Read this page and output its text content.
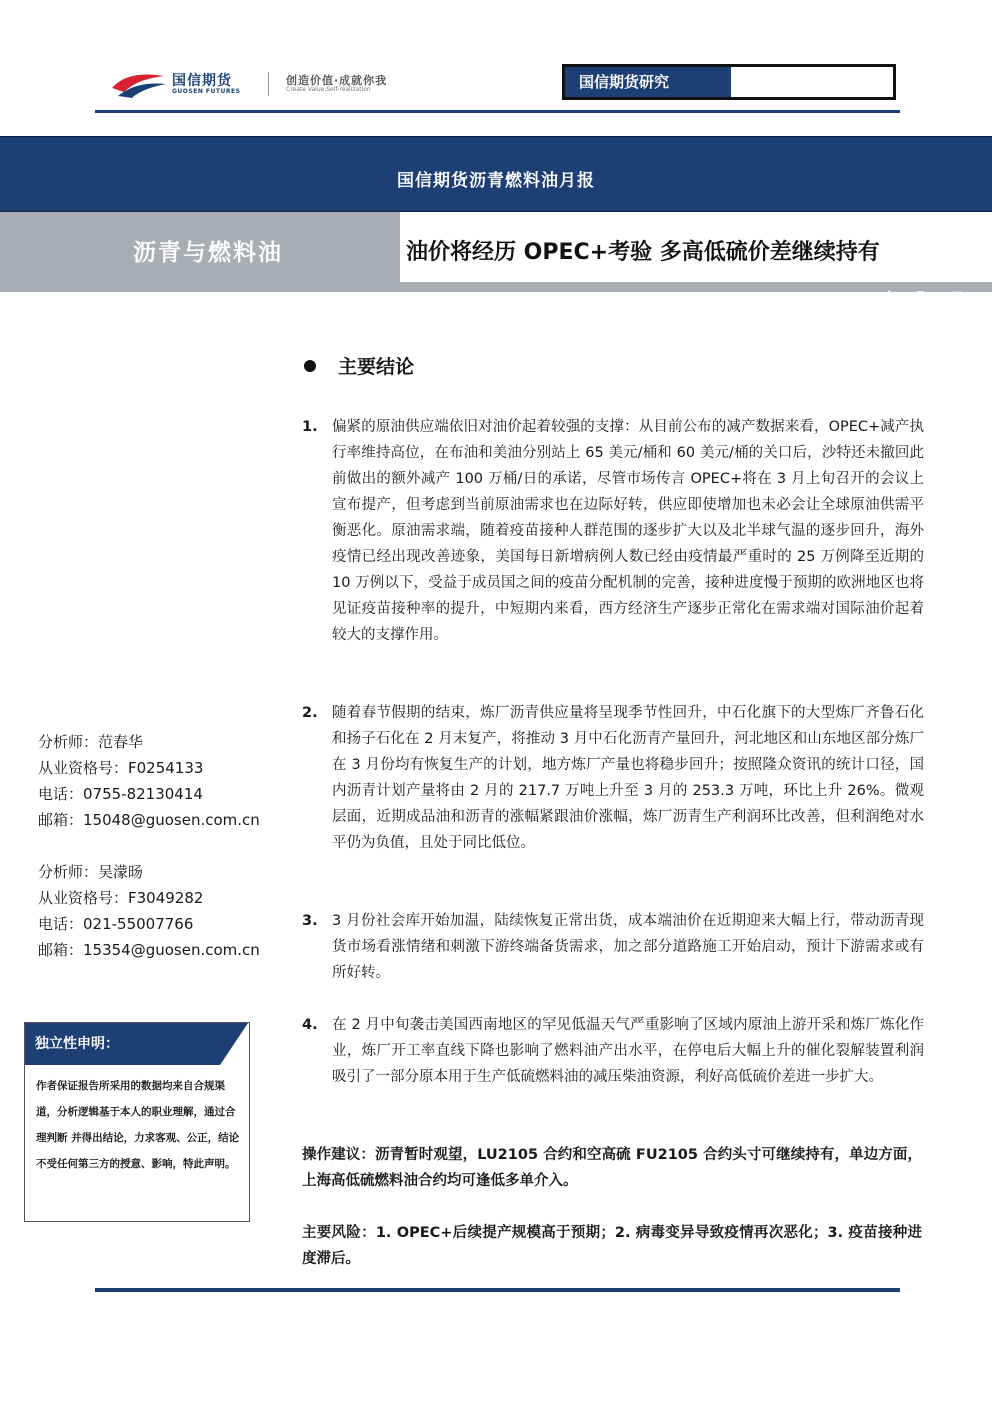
国信期货
GUOSEN FUTURES
创造价值·成就你我
Create Value,Self-realization	国信期货研究
国信期货沥青燃料油月报
沥青与燃料油	油价将经历 OPEC+考验 多高低硫价差继续持有
2021 年 2 月 28 日
主要结论
1. 偏紧的原油供应端依旧对油价起着较强的支撑：从目前公布的减产数据来看，OPEC+减产执行率维持高位，在布油和美油分别站上 65 美元/桶和 60 美元/桶的关口后，沙特还未撤回此前做出的额外减产 100 万桶/日的承诺，尽管市场传言 OPEC+将在 3 月上旬召开的会议上宣布提产，但考虑到当前原油需求也在边际好转，供应即使增加也未必会让全球原油供需平衡恶化。原油需求端，随着疫苗接种人群范围的逐步扩大以及北半球气温的逐步回升，海外疫情已经出现改善迹象，美国每日新增病例人数已经由疫情最严重时的 25 万例降至近期的 10 万例以下，受益于成员国之间的疫苗分配机制的完善，接种进度慢于预期的欧洲地区也将见证疫苗接种率的提升，中短期内来看，西方经济生产逐步正常化在需求端对国际油价起着较大的支撑作用。
2. 随着春节假期的结束，炼厂沥青供应量将呈现季节性回升，中石化旗下的大型炼厂齐鲁石化和扬子石化在 2 月末复产，将推动 3 月中石化沥青产量回升，河北地区和山东地区部分炼厂在 3 月份均有恢复生产的计划，地方炼厂产量也将稳步回升；按照隆众资讯的统计口径，国内沥青计划产量将由 2 月的 217.7 万吨上升至 3 月的 253.3 万吨，环比上升 26%。微观层面，近期成品油和沥青的涨幅紧跟油价涨幅，炼厂沥青生产利润环比改善，但利润绝对水平仍为负值，且处于同比低位。
3. 3 月份社会库开始加温，陆续恢复正常出货，成本端油价在近期迎来大幅上行，带动沥青现货市场看涨情绪和刺激下游终端备货需求，加之部分道路施工开始启动，预计下游需求或有所好转。
4. 在 2 月中旬袭击美国西南地区的罕见低温天气严重影响了区域内原油上游开采和炼厂炼化作业，炼厂开工率直线下降也影响了燃料油产出水平，在停电后大幅上升的催化裂解装置利润吸引了一部分原本用于生产低硫燃料油的减压柴油资源，利好高低硫价差进一步扩大。
操作建议：沥青暂时观望，LU2105 合约和空高硫 FU2105 合约头寸可继续持有，单边方面，上海高低硫燃料油合约均可逢低多单介入。
主要风险：1. OPEC+后续提产规模高于预期；2. 病毒变异导致疫情再次恶化；3. 疫苗接种进度滞后。
分析师：范春华
从业资格号：F0254133
电话：0755-82130414
邮箱：15048@guosen.com.cn
分析师：吴濛旸
从业资格号：F3049282
电话：021-55007766
邮箱：15354@guosen.com.cn
独立性申明：
作者保证报告所采用的数据均来自合规渠道，分析逻辑基于本人的职业理解，通过合理判断 并得出结论，力求客观、公正，结论不受任何第三方的授意、影响，特此声明。
